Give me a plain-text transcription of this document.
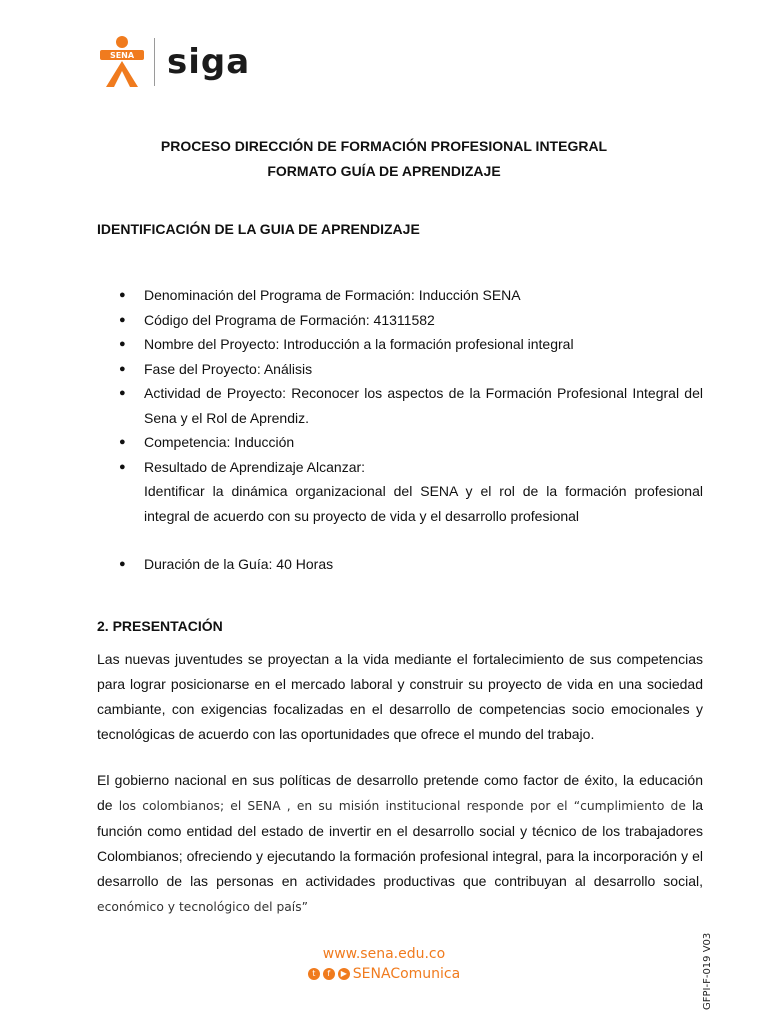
SENA siga
PROCESO DIRECCIÓN DE FORMACIÓN PROFESIONAL INTEGRAL
FORMATO GUÍA DE APRENDIZAJE
IDENTIFICACIÓN DE LA GUIA DE APRENDIZAJE
● Denominación del Programa de Formación: Inducción SENA
● Código del Programa de Formación: 41311582
● Nombre del Proyecto: Introducción a la formación profesional integral
● Fase del Proyecto: Análisis
● Actividad de Proyecto: Reconocer los aspectos de la Formación Profesional Integral del Sena y el Rol de Aprendiz.
● Competencia: Inducción
● Resultado de Aprendizaje Alcanzar:
Identificar la dinámica organizacional del SENA y el rol de la formación profesional integral de acuerdo con su proyecto de vida y el desarrollo profesional
● Duración de la Guía: 40 Horas
2. PRESENTACIÓN

Las nuevas juventudes se proyectan a la vida mediante el fortalecimiento de sus competencias para lograr posicionarse en el mercado laboral y construir su proyecto de vida en una sociedad cambiante, con exigencias focalizadas en el desarrollo de competencias socio emocionales y tecnológicas de acuerdo con las oportunidades que ofrece el mundo del trabajo.

El gobierno nacional en sus políticas de desarrollo pretende como factor de éxito, la educación de los colombianos; el SENA , en su misión institucional responde por el “cumplimiento de la función como entidad del estado de invertir en el desarrollo social y técnico de los trabajadores Colombianos; ofreciendo y ejecutando la formación profesional integral, para la incorporación y el desarrollo de las personas en actividades productivas que contribuyan al desarrollo social, económico y tecnológico del país”

www.sena.edu.co
t	f	▶ SENAComunica	GFPI-F-019 V03
